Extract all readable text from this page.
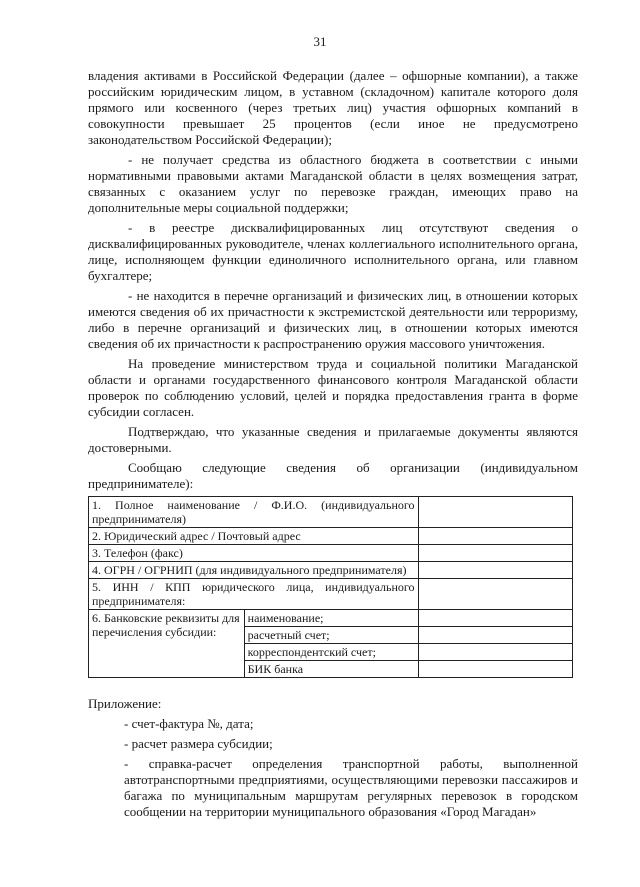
31

владения активами в Российской Федерации (далее – офшорные компании), а также российским юридическим лицом, в уставном (складочном) капитале которого доля прямого или косвенного (через третьих лиц) участия офшорных компаний в совокупности превышает 25 процентов (если иное не предусмотрено законодательством Российской Федерации);

- не получает средства из областного бюджета в соответствии с иными нормативными правовыми актами Магаданской области в целях возмещения затрат, связанных с оказанием услуг по перевозке граждан, имеющих право на дополнительные меры социальной поддержки;

- в реестре дисквалифицированных лиц отсутствуют сведения о дисквалифицированных руководителе, членах коллегиального исполнительного органа, лице, исполняющем функции единоличного исполнительного органа, или главном бухгалтере;

- не находится в перечне организаций и физических лиц, в отношении которых имеются сведения об их причастности к экстремистской деятельности или терроризму, либо в перечне организаций и физических лиц, в отношении которых имеются сведения об их причастности к распространению оружия массового уничтожения.

На проведение министерством труда и социальной политики Магаданской области и органами государственного финансового контроля Магаданской области проверок по соблюдению условий, целей и порядка предоставления гранта в форме субсидии согласен.

Подтверждаю, что указанные сведения и прилагаемые документы являются достоверными.

Сообщаю следующие сведения об организации (индивидуальном предпринимателе):

1. Полное наименование / Ф.И.О. (индивидуального предпринимателя)		
2. Юридический адрес / Почтовый адрес		
3. Телефон (факс)		
4. ОГРН / ОГРНИП (для индивидуального предпринимателя)		
5. ИНН / КПП юридического лица, индивидуального предпринимателя:		
6. Банковские реквизиты для перечисления субсидии:	наименование;	
	расчетный счет;	
	корреспондентский счет;	
	БИК банка	

Приложение:

- счет-фактура №, дата;

- расчет размера субсидии;

- справка-расчет определения транспортной работы, выполненной автотранспортными предприятиями, осуществляющими перевозки пассажиров и багажа по муниципальным маршрутам регулярных перевозок в городском сообщении на территории муниципального образования «Город Магадан»
